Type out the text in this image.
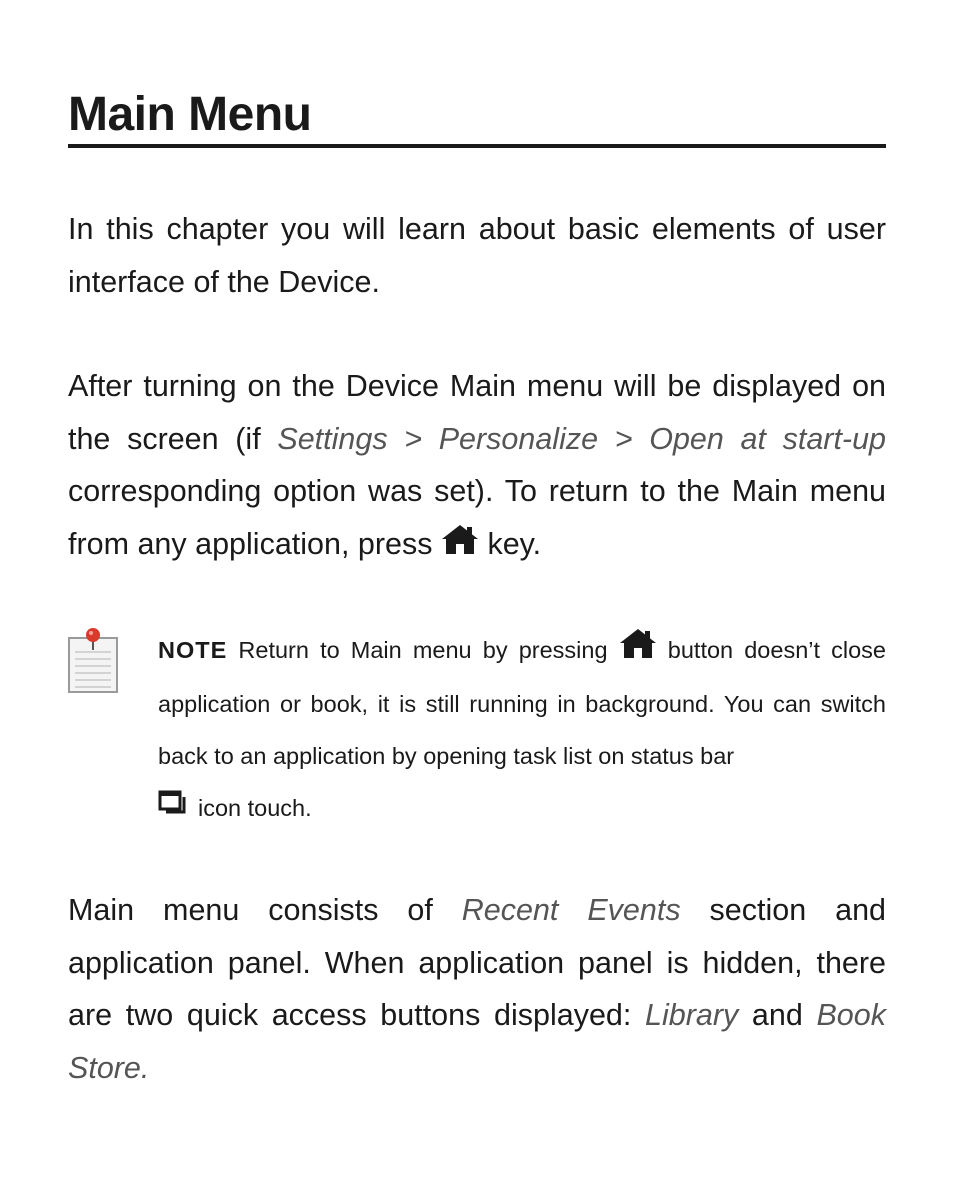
Main Menu

In this chapter you will learn about basic elements of user interface of the Device.

After turning on the Device Main menu will be displayed on the screen (if Settings > Personalize > Open at start-up corresponding option was set). To return to the Main menu from any application, press  key.

NOTE Return to Main menu by pressing  button doesn’t close application or book, it is still running in background. You can switch back to an application by opening task list on status bar
icon touch.

Main menu consists of Recent Events section and application panel. When application panel is hidden, there are two quick access buttons displayed: Library and Book Store.
